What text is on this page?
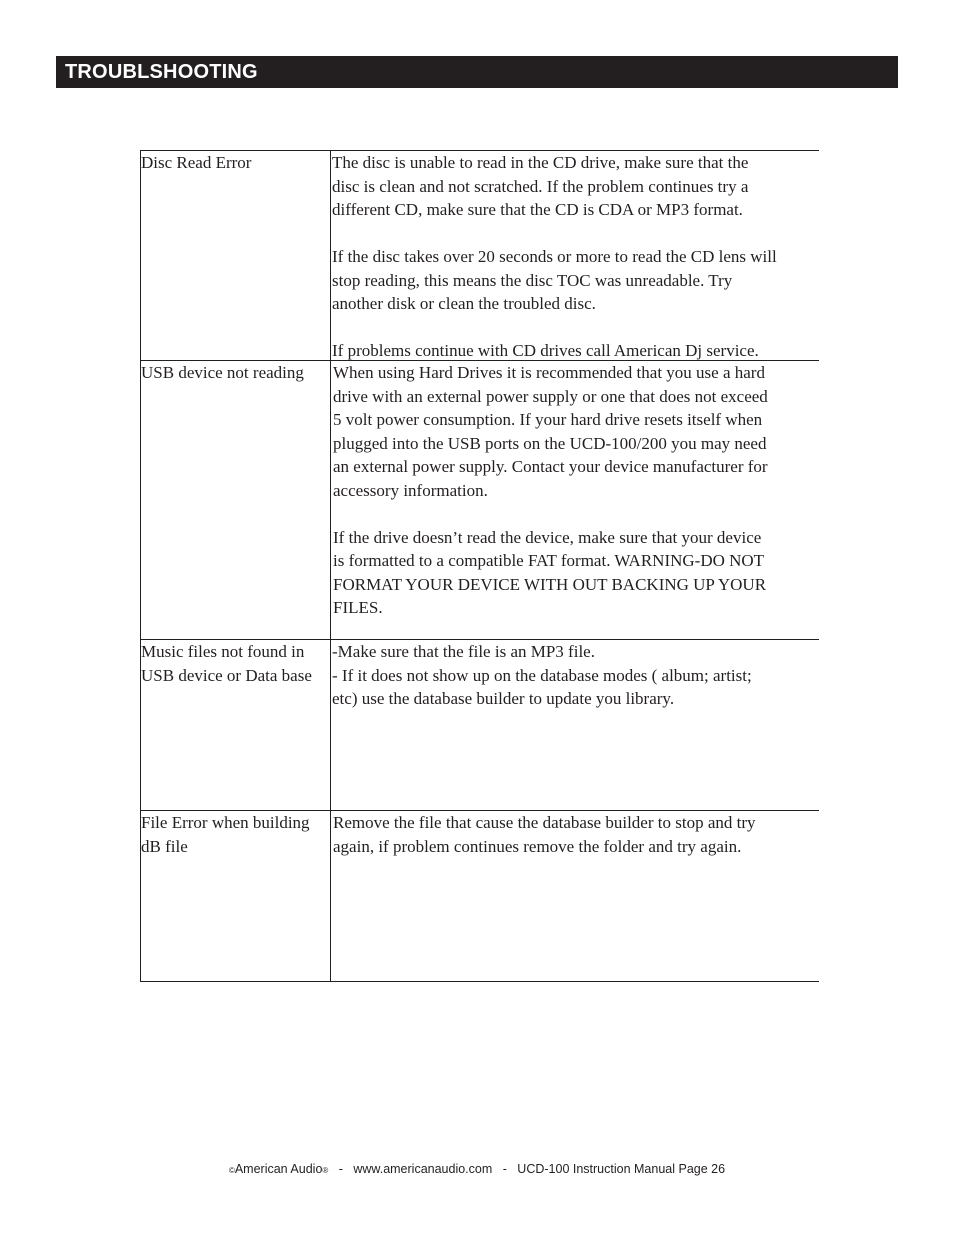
TROUBLSHOOTING
Disc Read Error	The disc is unable to read in the CD drive, make sure that the
disc is clean and not scratched. If the problem continues try a
different CD, make sure that the CD is CDA or MP3 format.

If the disc takes over 20 seconds or more to read the CD lens will
stop reading, this means the disc TOC was unreadable. Try
another disk or clean the troubled disc.

If problems continue with CD drives call American Dj service.
USB device not reading	When using Hard Drives it is recommended that you use a hard
drive with an external power supply or one that does not exceed
5 volt power consumption. If your hard drive resets itself when
plugged into the USB ports on the UCD-100/200 you may need
an external power supply. Contact your device manufacturer for
accessory information.

If the drive doesn’t read the device, make sure that your device
is formatted to a compatible FAT format. WARNING-DO NOT
FORMAT YOUR DEVICE WITH OUT BACKING UP YOUR
FILES.
Music files not found in USB device or Data base
-Make sure that the file is an MP3 file.
- If it does not show up on the database modes ( album; artist;
etc) use the database builder to update you library.
File Error when building dB file
Remove the file that cause the database builder to stop and try
again, if problem continues remove the folder and try again.
©American Audio® - www.americanaudio.com - UCD-100 Instruction Manual Page 26
